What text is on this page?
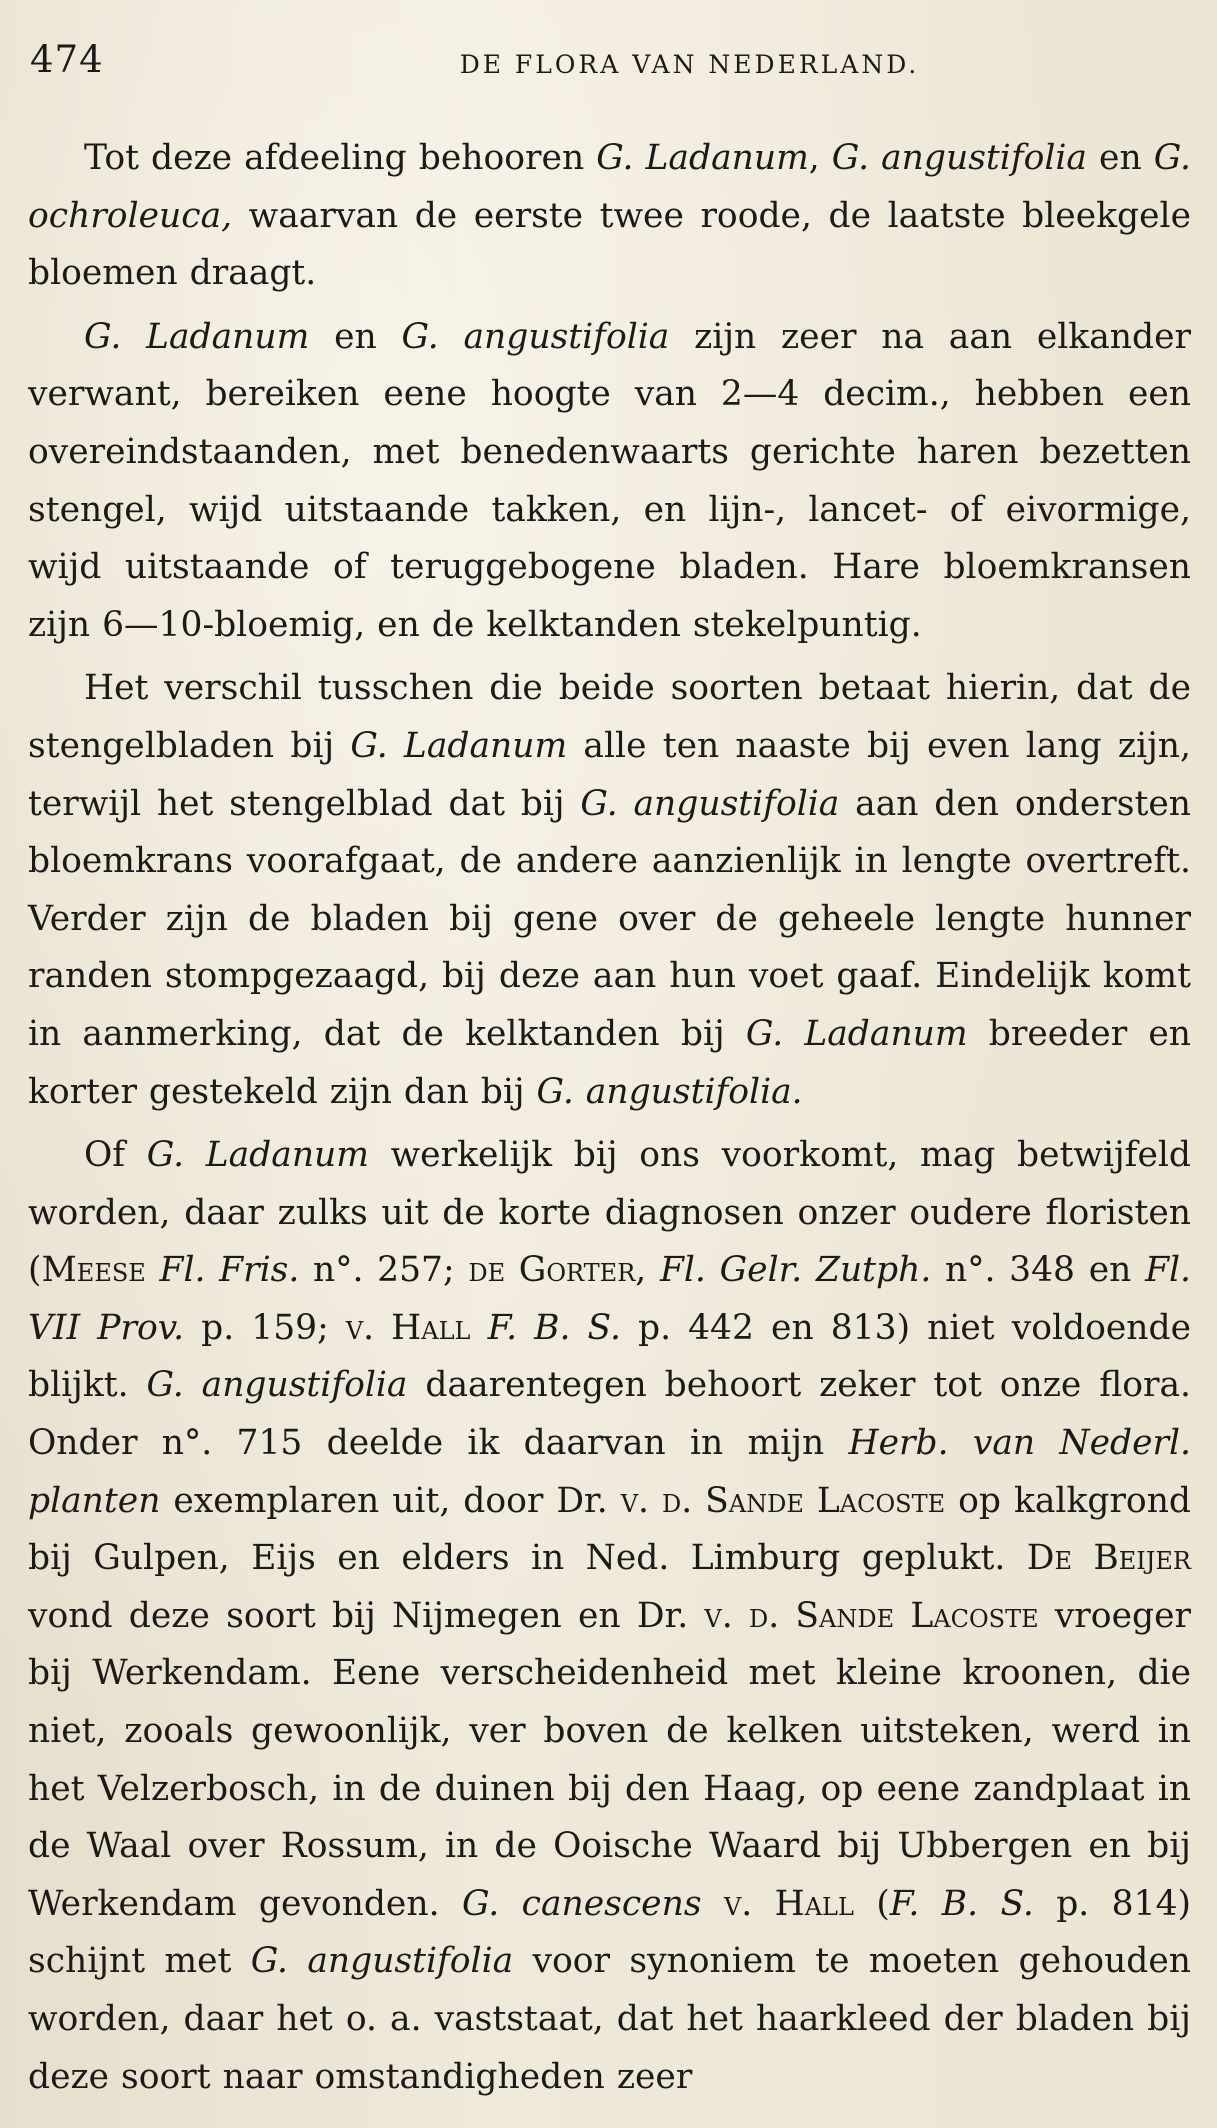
474	DE FLORA VAN NEDERLAND.

Tot deze afdeeling behooren G. Ladanum, G. angustifolia en G. ochroleuca, waarvan de eerste twee roode, de laatste bleekgele bloemen draagt.

G. Ladanum en G. angustifolia zijn zeer na aan elkander verwant, bereiken eene hoogte van 2—4 decim., hebben een overeindstaanden, met benedenwaarts gerichte haren bezetten stengel, wijd uitstaande takken, en lijn-, lancet- of eivormige, wijd uitstaande of teruggebogene bladen. Hare bloemkransen zijn 6—10-bloemig, en de kelktanden stekelpuntig.

Het verschil tusschen die beide soorten betaat hierin, dat de stengelbladen bij G. Ladanum alle ten naaste bij even lang zijn, terwijl het stengelblad dat bij G. angustifolia aan den ondersten bloemkrans voorafgaat, de andere aanzienlijk in lengte overtreft. Verder zijn de bladen bij gene over de geheele lengte hunner randen stompgezaagd, bij deze aan hun voet gaaf. Eindelijk komt in aanmerking, dat de kelktanden bij G. Ladanum breeder en korter gestekeld zijn dan bij G. angustifolia.

Of G. Ladanum werkelijk bij ons voorkomt, mag betwijfeld worden, daar zulks uit de korte diagnosen onzer oudere floristen (Meese Fl. Fris. n°. 257; de Gorter, Fl. Gelr. Zutph. n°. 348 en Fl. VII Prov. p. 159; v. Hall F. B. S. p. 442 en 813) niet voldoende blijkt. G. angustifolia daarentegen behoort zeker tot onze flora. Onder n°. 715 deelde ik daarvan in mijn Herb. van Nederl. planten exemplaren uit, door Dr. v. d. Sande Lacoste op kalkgrond bij Gulpen, Eijs en elders in Ned. Limburg geplukt. De Beijer vond deze soort bij Nijmegen en Dr. v. d. Sande Lacoste vroeger bij Werkendam. Eene verscheidenheid met kleine kroonen, die niet, zooals gewoonlijk, ver boven de kelken uitsteken, werd in het Velzerbosch, in de duinen bij den Haag, op eene zandplaat in de Waal over Rossum, in de Ooische Waard bij Ubbergen en bij Werkendam gevonden. G. canescens v. Hall (F. B. S. p. 814) schijnt met G. angustifolia voor synoniem te moeten gehouden worden, daar het o. a. vaststaat, dat het haarkleed der bladen bij deze soort naar omstandigheden zeer
